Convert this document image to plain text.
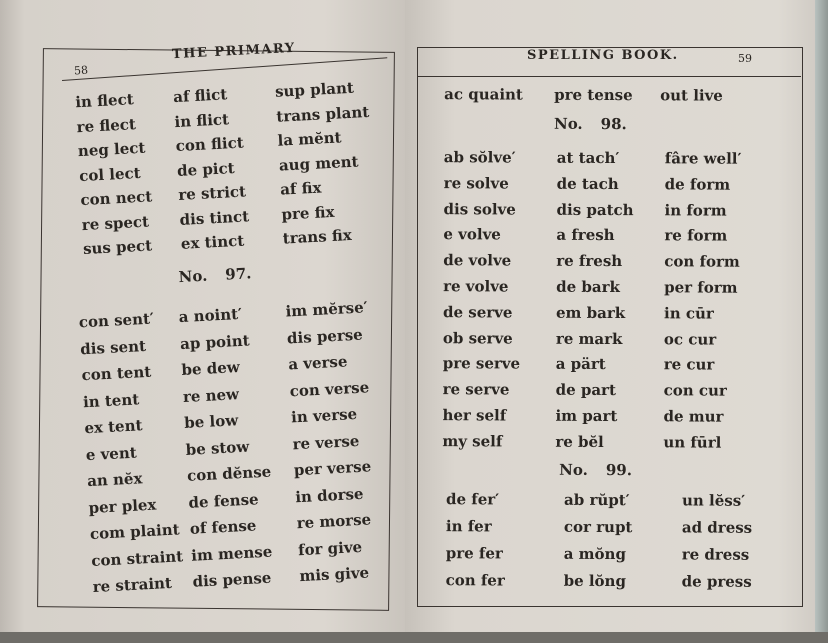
58
THE PRIMARY	SPELLING BOOK.	59
in flect
re flect
neg lect
col lect
con nect
re spect
sus pect
af flict
in flict
con flict
de pict
re strict
dis tinct
ex tinct
sup plant
trans plant
la mĕnt
aug ment
af fix
pre fix
trans fix
No. 97.
con sent′
dis sent
con tent
in tent
ex tent
e vent
an nĕx
per plex
com plaint
con straint
re straint
a noint′
ap point
be dew
re new
be low
be stow
con dĕnse
de fense
of fense
im mense
dis pense
im mĕrse′
dis perse
a verse
con verse
in verse
re verse
per verse
in dorse
re morse
for give
mis give
ac quaint pre tense out live
No. 98.
ab sŏlve′
re solve
dis solve
e volve
de volve
re volve
de serve
ob serve
pre serve
re serve
her self
my self
at tach′
de tach
dis patch
a fresh
re fresh
de bark
em bark
re mark
a pärt
de part
im part
re bĕl
fâre well′
de form
in form
re form
con form
per form
in cūr
oc cur
re cur
con cur
de mur
un fūrl
No. 99.
de fer′
in fer
pre fer
con fer
ab rŭpt′
cor rupt
a mŏng
be lŏng
un lĕss′
ad dress
re dress
de press
